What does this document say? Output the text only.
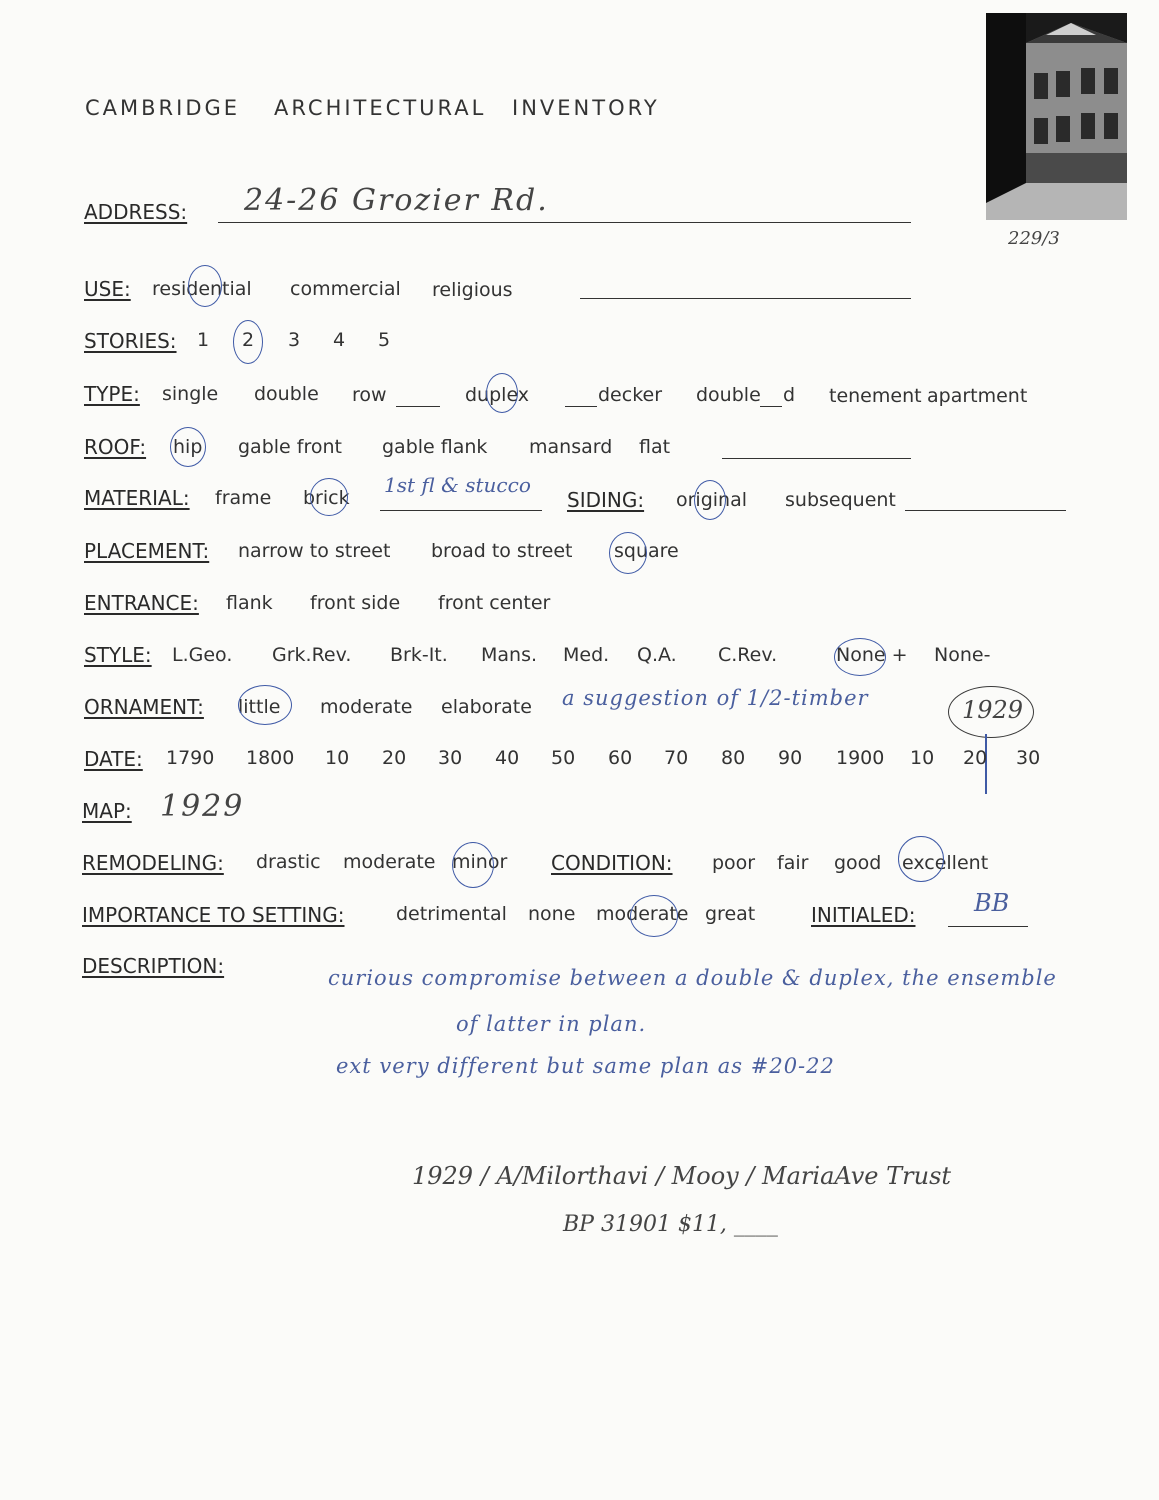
CAMBRIDGE ARCHITECTURAL INVENTORY
229/3
ADDRESS: 24-26 Grozier Rd.
USE: residential commercial religious
STORIES: 1 2 3 4 5
TYPE: single double row	duplex	decker double d tenement apartment
ROOF: hip gable front gable flank mansard flat
MATERIAL: frame brick
1st fl & stucco
SIDING: original subsequent
PLACEMENT: narrow to street broad to street square
ENTRANCE: flank front side front center
STYLE: L.Geo. Grk.Rev. Brk-It. Mans. Med. Q.A. C.Rev.	None + None-
ORNAMENT: little moderate elaborate a suggestion of 1/2-timber	1929
DATE: 1790 1800 10 20 30 40 50 60 70 80 90 1900 10 20 30
MAP: 1929
REMODELING: drastic moderate minor CONDITION: poor fair good excellent
IMPORTANCE TO SETTING:	detrimental none moderate great	INITIALED: BB
DESCRIPTION:	curious compromise between a double & duplex, the ensemble
of latter in plan.
ext very different but same plan as #20-22
1929 / A/Milorthavi / Mooy / MariaAve Trust
BP 31901 $11, ____
